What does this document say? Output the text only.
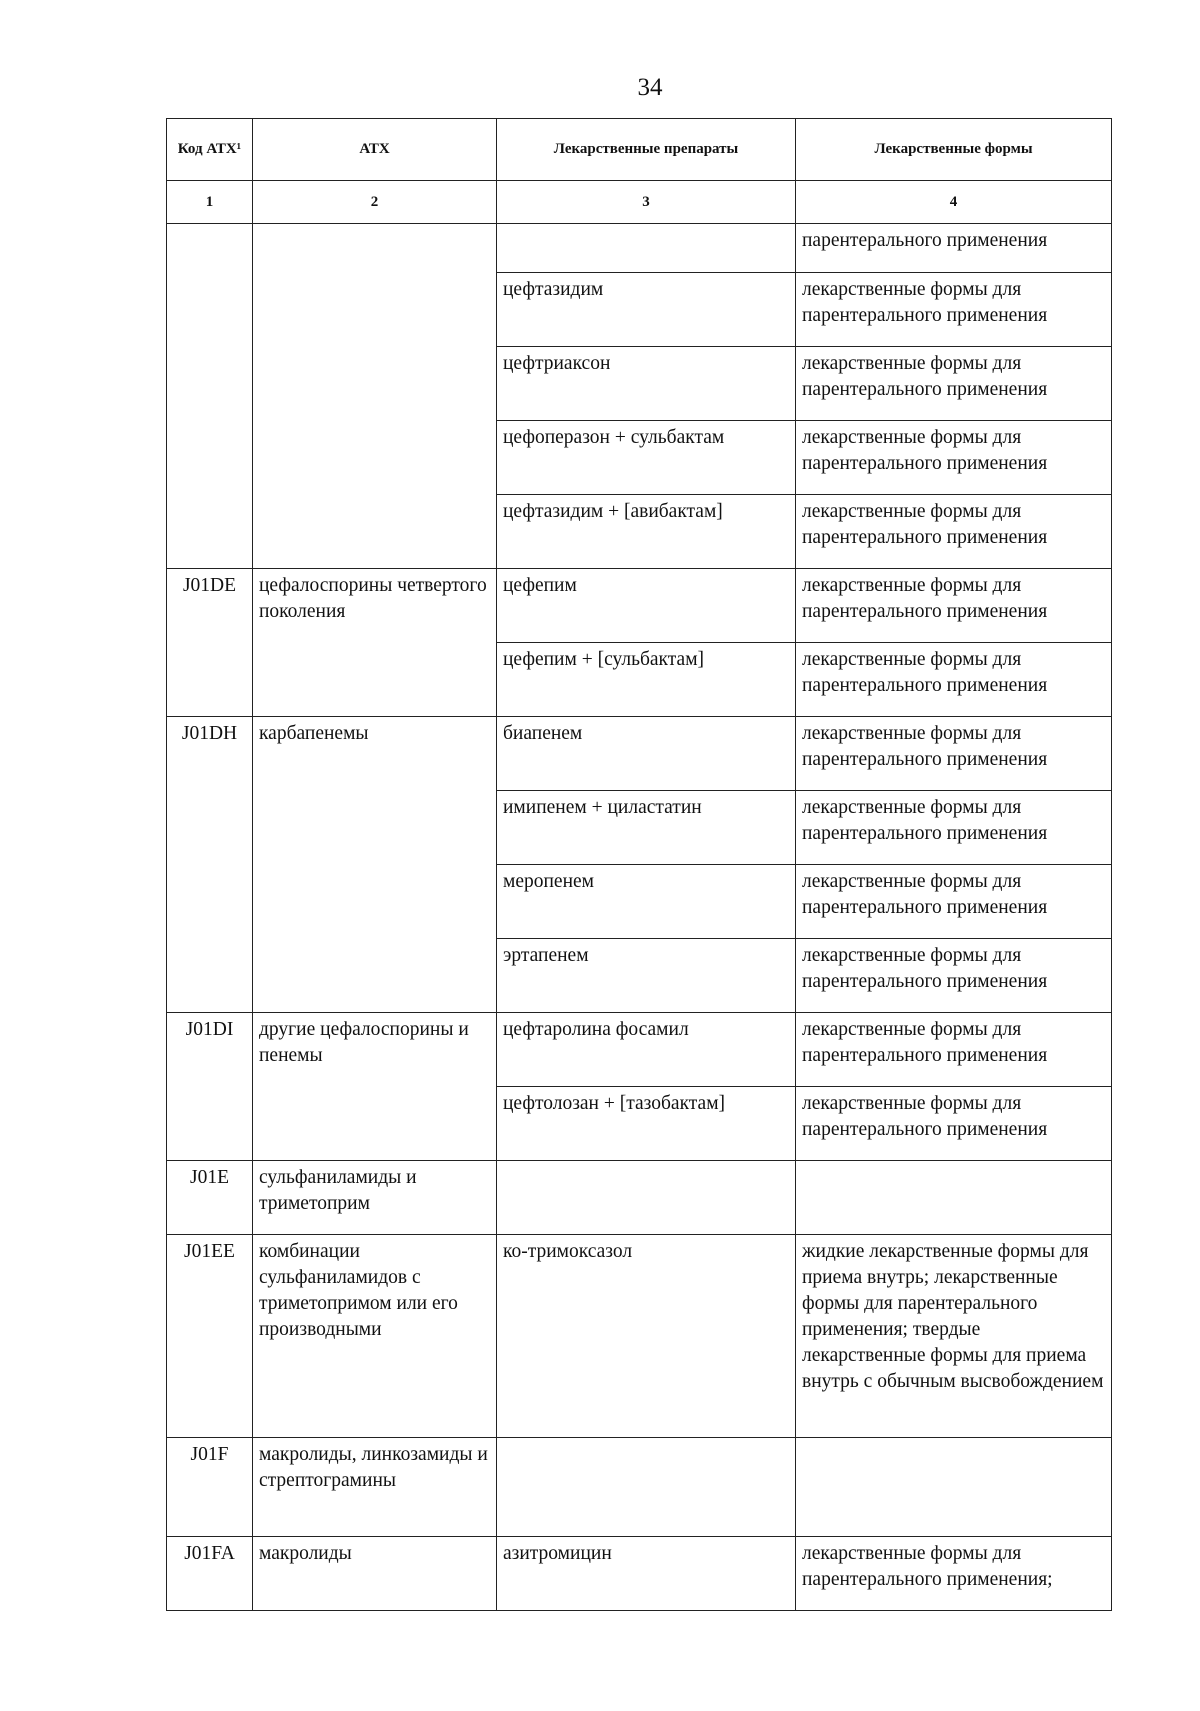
34
Код АТХ¹	АТХ	Лекарственные препараты	Лекарственные формы
1	2	3	4
			парентерального применения
		цефтазидим	лекарственные формы для парентерального применения
		цефтриаксон	лекарственные формы для парентерального применения
		цефоперазон + сульбактам	лекарственные формы для парентерального применения
		цефтазидим + [авибактам]	лекарственные формы для парентерального применения
J01DE	цефалоспорины четвертого поколения	цефепим	лекарственные формы для парентерального применения
		цефепим + [сульбактам]	лекарственные формы для парентерального применения
J01DH	карбапенемы	биапенем	лекарственные формы для парентерального применения
		имипенем + циластатин	лекарственные формы для парентерального применения
		меропенем	лекарственные формы для парентерального применения
		эртапенем	лекарственные формы для парентерального применения
J01DI	другие цефалоспорины и пенемы	цефтаролина фосамил	лекарственные формы для парентерального применения
		цефтолозан + [тазобактам]	лекарственные формы для парентерального применения
J01E	сульфаниламиды и триметоприм		
J01EE	комбинации сульфаниламидов с триметопримом или его производными	ко-тримоксазол	жидкие лекарственные формы для приема внутрь; лекарственные формы для парентерального применения; твердые лекарственные формы для приема внутрь с обычным высвобождением
J01F	макролиды, линкозамиды и стрептограмины		
J01FA	макролиды	азитромицин	лекарственные формы для парентерального применения;
